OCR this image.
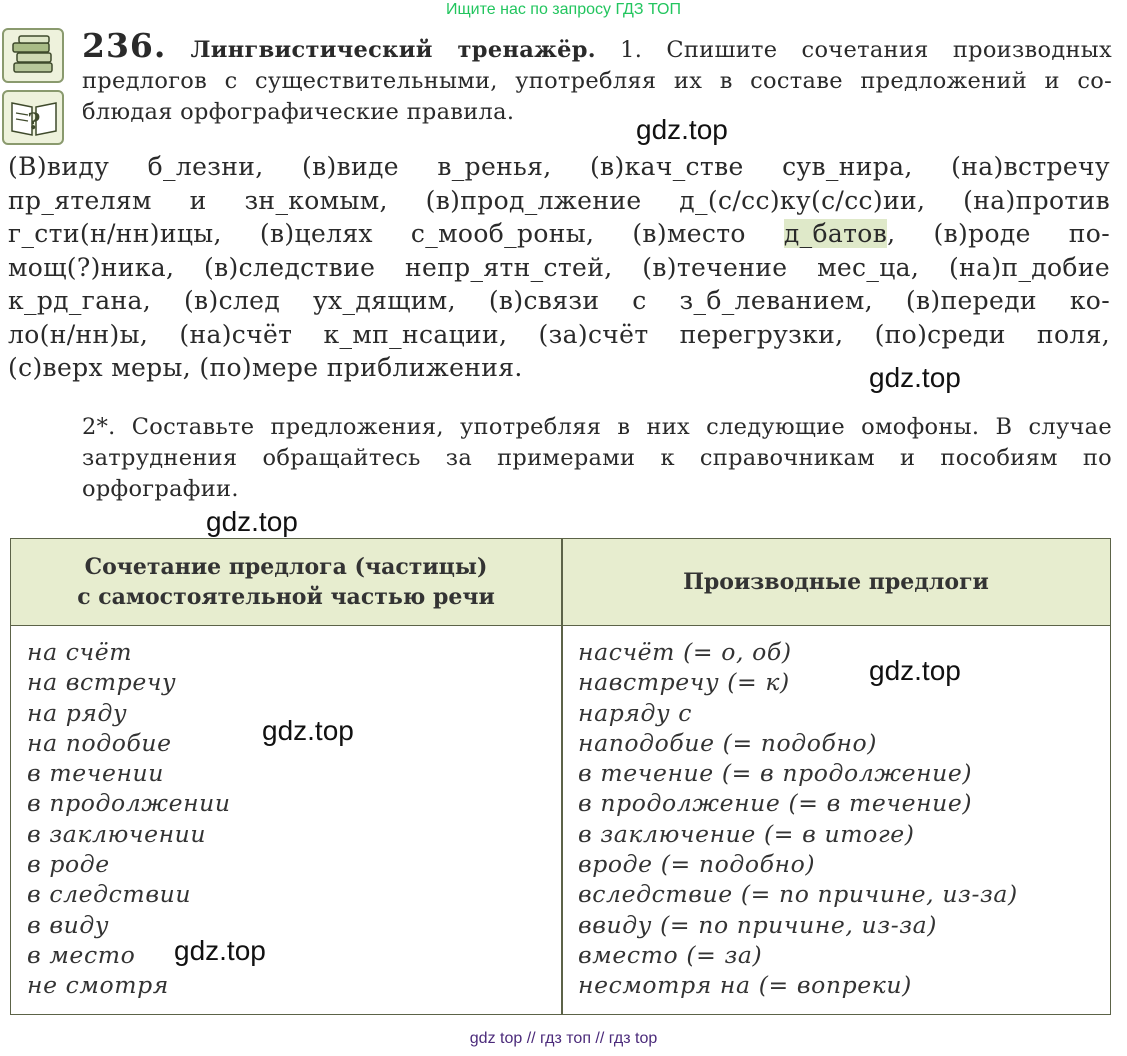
Ищите нас по запросу ГДЗ ТОП
?
236. Лингвистический тренажёр. 1. Спишите сочетания производных предлогов с существительными, употребляя их в составе предложений и со- блюдая орфографические правила.
(В)виду б_лезни, (в)виде в_ренья, (в)кач_стве сув_нира, (на)встречу
пр_ятелям и зн_комым, (в)прод_лжение д_(с/сс)ку(с/сс)ии, (на)против
г_сти(н/нн)ицы, (в)целях с_мооб_роны, (в)место д_батов, (в)роде по-
мощ(?)ника, (в)следствие непр_ятн_стей, (в)течение мес_ца, (на)п_добие
к_рд_гана, (в)след ух_дящим, (в)связи с з_б_леванием, (в)переди ко-
ло(н/нн)ы, (на)счёт к_мп_нсации, (за)счёт перегрузки, (по)среди поля,
(с)верх меры, (по)мере приближения.
2*. Составьте предложения, употребляя в них следующие омофоны. В случае затруднения обращайтесь за примерами к справочникам и пособиям по орфографии.
gdz.top
gdz.top
gdz.top
Сочетание предлога (частицы)
с самостоятельной частью речи
Производные предлоги
на счёт
на встречу
на ряду
на подобие
в течении
в продолжении
в заключении
в роде
в следствии
в виду
в место
не смотря
насчёт (= о, об)
навстречу (= к)
наряду с
наподобие (= подобно)
в течение (= в продолжение)
в продолжение (= в течение)
в заключение (= в итоге)
вроде (= подобно)
вследствие (= по причине, из-за)
ввиду (= по причине, из-за)
вместо (= за)
несмотря на (= вопреки)
gdz.top
gdz.top
gdz.top
gdz top // гдз топ // гдз top
